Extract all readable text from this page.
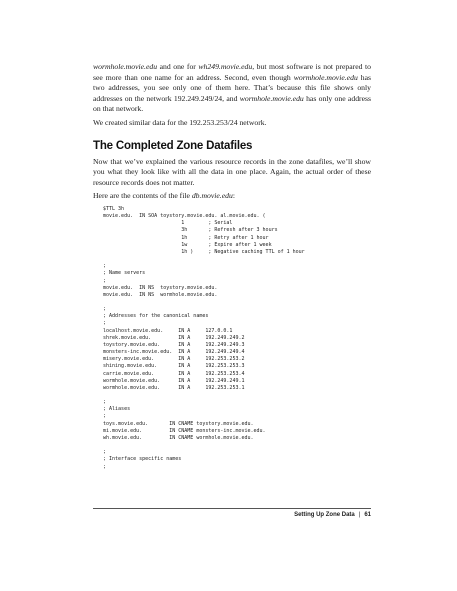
wormhole.movie.edu and one for wh249.movie.edu, but most software is not prepared to see more than one name for an address. Second, even though wormhole.movie.edu has two addresses, you see only one of them here. That’s because this file shows only addresses on the network 192.249.249/24, and wormhole.movie.edu has only one address on that network.

We created similar data for the 192.253.253/24 network.

The Completed Zone Datafiles

Now that we’ve explained the various resource records in the zone datafiles, we’ll show you what they look like with all the data in one place. Again, the actual order of these resource records does not matter.

Here are the contents of the file db.movie.edu:

$TTL 3h
movie.edu.  IN SOA toystory.movie.edu. al.movie.edu. (
1        ; Serial
3h       ; Refresh after 3 hours
1h       ; Retry after 1 hour
1w       ; Expire after 1 week
1h )     ; Negative caching TTL of 1 hour

;
; Name servers
;
movie.edu.  IN NS  toystory.movie.edu.
movie.edu.  IN NS  wormhole.movie.edu.

;
; Addresses for the canonical names
;
localhost.movie.edu.     IN A     127.0.0.1
shrek.movie.edu.         IN A     192.249.249.2
toystory.movie.edu.      IN A     192.249.249.3
monsters-inc.movie.edu.  IN A     192.249.249.4
misery.movie.edu.        IN A     192.253.253.2
shining.movie.edu.       IN A     192.253.253.3
carrie.movie.edu.        IN A     192.253.253.4
wormhole.movie.edu.      IN A     192.249.249.1
wormhole.movie.edu.      IN A     192.253.253.1

;
; Aliases
;
toys.movie.edu.       IN CNAME toystory.movie.edu.
mi.movie.edu.         IN CNAME monsters-inc.movie.edu.
wh.movie.edu.         IN CNAME wormhole.movie.edu.

;
; Interface specific names
;

Setting Up Zone Data | 61
